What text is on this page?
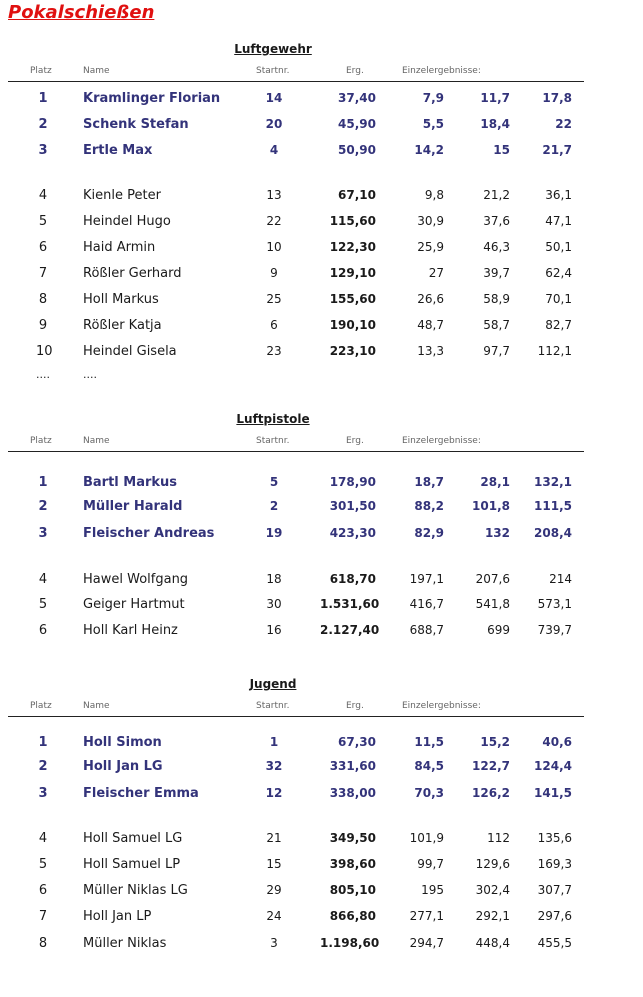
Pokalschießen
Luftgewehr
Platz	Name	Startnr.	Erg.	Einzelergebnisse:
1	Kramlinger Florian	14	37,40	7,9	11,7	17,8
2	Schenk Stefan	20	45,90	5,5	18,4	22
3	Ertle Max	4	50,90	14,2	15	21,7
4	Kienle Peter	13	67,10	9,8	21,2	36,1
5	Heindel Hugo	22	115,60	30,9	37,6	47,1
6	Haid Armin	10	122,30	25,9	46,3	50,1
7	Rößler Gerhard	9	129,10	27	39,7	62,4
8	Holl Markus	25	155,60	26,6	58,9	70,1
9	Rößler Katja	6	190,10	48,7	58,7	82,7
10 Heindel Gisela	23	223,10	13,3	97,7	112,1
....	....
Luftpistole
Platz	Name	Startnr.	Erg.	Einzelergebnisse:
1	Bartl Markus	5	178,90	18,7	28,1	132,1
2	Müller Harald	2	301,50	88,2	101,8	111,5
3	Fleischer Andreas	19	423,30	82,9	132	208,4
4	Hawel Wolfgang	18	618,70	197,1	207,6	214
5	Geiger Hartmut	30	1.531,60	416,7	541,8	573,1
6	Holl Karl Heinz	16	2.127,40	688,7	699	739,7
Jugend
Platz	Name	Startnr.	Erg.	Einzelergebnisse:
1	Holl Simon	1	67,30	11,5	15,2	40,6
2	Holl Jan LG	32	331,60	84,5	122,7	124,4
3	Fleischer Emma	12	338,00	70,3	126,2	141,5
4	Holl Samuel LG	21	349,50	101,9	112	135,6
5	Holl Samuel LP	15	398,60	99,7	129,6	169,3
6	Müller Niklas LG	29	805,10	195	302,4	307,7
7	Holl Jan LP	24	866,80	277,1	292,1	297,6
8	Müller Niklas	3	1.198,60	294,7	448,4	455,5
